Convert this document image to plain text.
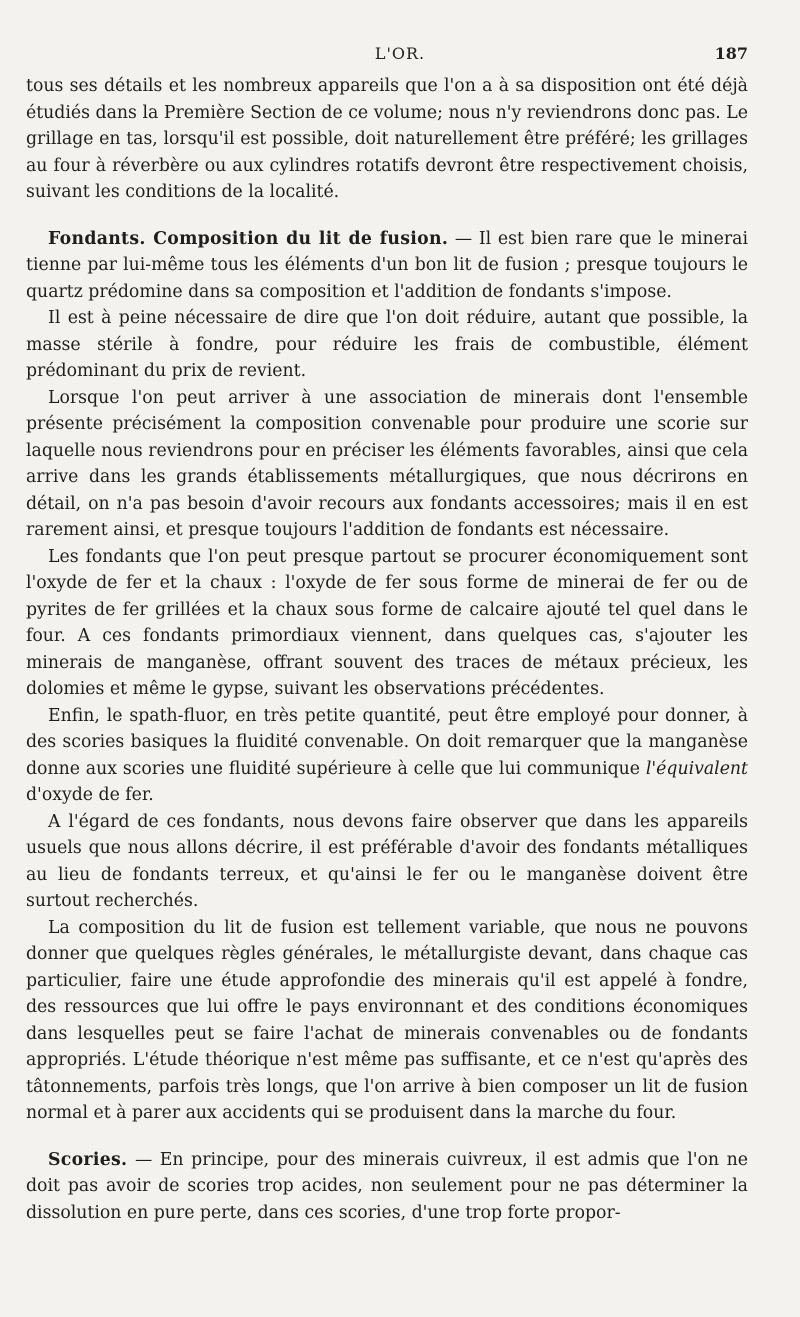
L'OR.	187

tous ses détails et les nombreux appareils que l'on a à sa disposition ont été déjà étudiés dans la Première Section de ce volume; nous n'y reviendrons donc pas. Le grillage en tas, lorsqu'il est possible, doit naturellement être préféré; les grillages au four à réverbère ou aux cylindres rotatifs devront être respectivement choisis, suivant les conditions de la localité.

Fondants. Composition du lit de fusion. — Il est bien rare que le minerai tienne par lui-même tous les éléments d'un bon lit de fusion ; presque toujours le quartz prédomine dans sa composition et l'addition de fondants s'impose.

Il est à peine nécessaire de dire que l'on doit réduire, autant que possible, la masse stérile à fondre, pour réduire les frais de combustible, élément prédominant du prix de revient.

Lorsque l'on peut arriver à une association de minerais dont l'ensemble présente précisément la composition convenable pour produire une scorie sur laquelle nous reviendrons pour en préciser les éléments favorables, ainsi que cela arrive dans les grands établissements métallurgiques, que nous décrirons en détail, on n'a pas besoin d'avoir recours aux fondants accessoires; mais il en est rarement ainsi, et presque toujours l'addition de fondants est nécessaire.

Les fondants que l'on peut presque partout se procurer économiquement sont l'oxyde de fer et la chaux : l'oxyde de fer sous forme de minerai de fer ou de pyrites de fer grillées et la chaux sous forme de calcaire ajouté tel quel dans le four. A ces fondants primordiaux viennent, dans quelques cas, s'ajouter les minerais de manganèse, offrant souvent des traces de métaux précieux, les dolomies et même le gypse, suivant les observations précédentes.

Enfin, le spath-fluor, en très petite quantité, peut être employé pour donner, à des scories basiques la fluidité convenable. On doit remarquer que la manganèse donne aux scories une fluidité supérieure à celle que lui communique l'équivalent d'oxyde de fer.

A l'égard de ces fondants, nous devons faire observer que dans les appareils usuels que nous allons décrire, il est préférable d'avoir des fondants métalliques au lieu de fondants terreux, et qu'ainsi le fer ou le manganèse doivent être surtout recherchés.

La composition du lit de fusion est tellement variable, que nous ne pouvons donner que quelques règles générales, le métallurgiste devant, dans chaque cas particulier, faire une étude approfondie des minerais qu'il est appelé à fondre, des ressources que lui offre le pays environnant et des conditions économiques dans lesquelles peut se faire l'achat de minerais convenables ou de fondants appropriés. L'étude théorique n'est même pas suffisante, et ce n'est qu'après des tâtonnements, parfois très longs, que l'on arrive à bien composer un lit de fusion normal et à parer aux accidents qui se produisent dans la marche du four.

Scories. — En principe, pour des minerais cuivreux, il est admis que l'on ne doit pas avoir de scories trop acides, non seulement pour ne pas déterminer la dissolution en pure perte, dans ces scories, d'une trop forte propor-
